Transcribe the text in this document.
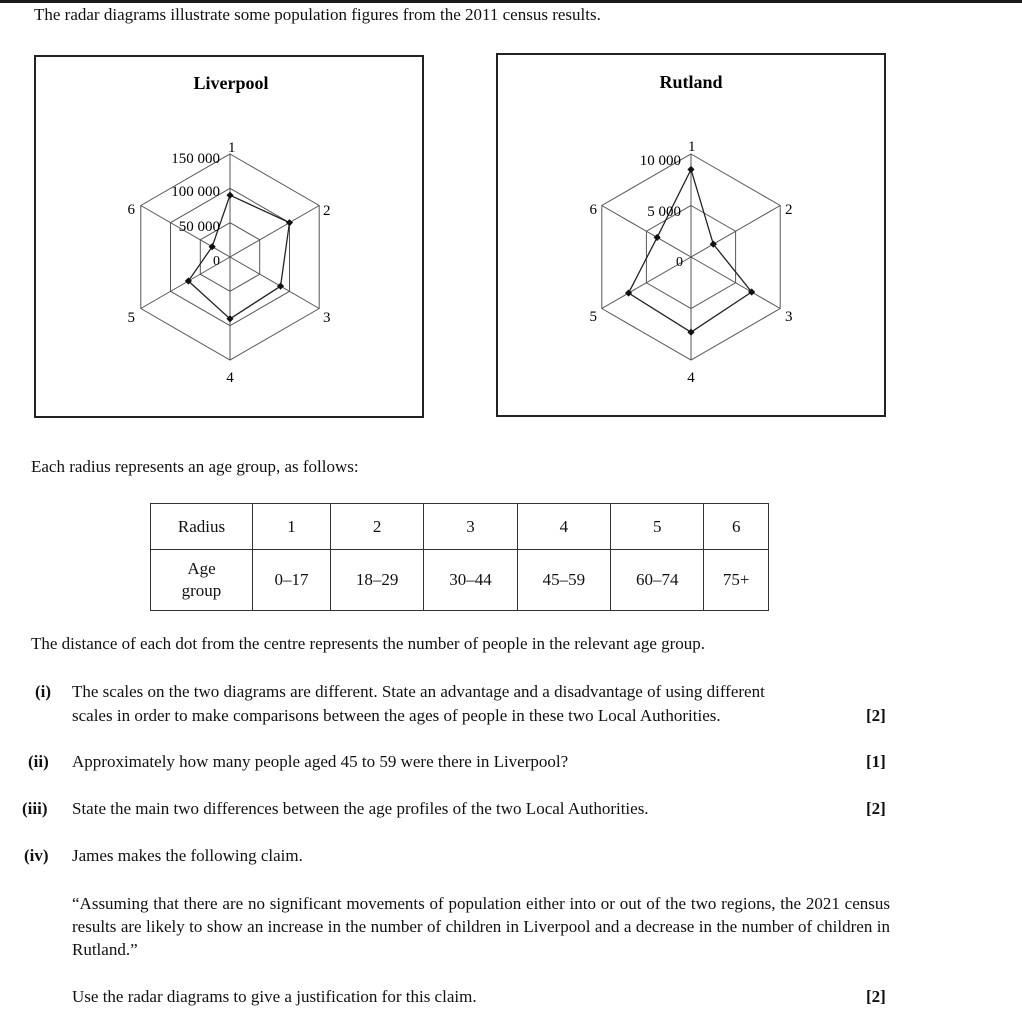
The radar diagrams illustrate some population figures from the 2011 census results.
Liverpool
1
2
3
4
5
6
150 000
100 000
50 000
0
Rutland
1
2
3
4
5
6
10 000
5 000
0
Each radius represents an age group, as follows:
Radius	1	2	3	4	5	6
Age
group	0–17	18–29	30–44	45–59	60–74	75+
The distance of each dot from the centre represents the number of people in the relevant age group.
(i) The scales on the two diagrams are different. State an advantage and a disadvantage of using different
scales in order to make comparisons between the ages of people in these two Local Authorities.	[2]
(ii) Approximately how many people aged 45 to 59 were there in Liverpool?	[1]
(iii) State the main two differences between the age profiles of the two Local Authorities.	[2]
(iv) James makes the following claim.
“Assuming that there are no significant movements of population either into or out of the two regions, the 2021 census results are likely to show an increase in the number of children in Liverpool and a decrease in the number of children in Rutland.”
Use the radar diagrams to give a justification for this claim.	[2]
